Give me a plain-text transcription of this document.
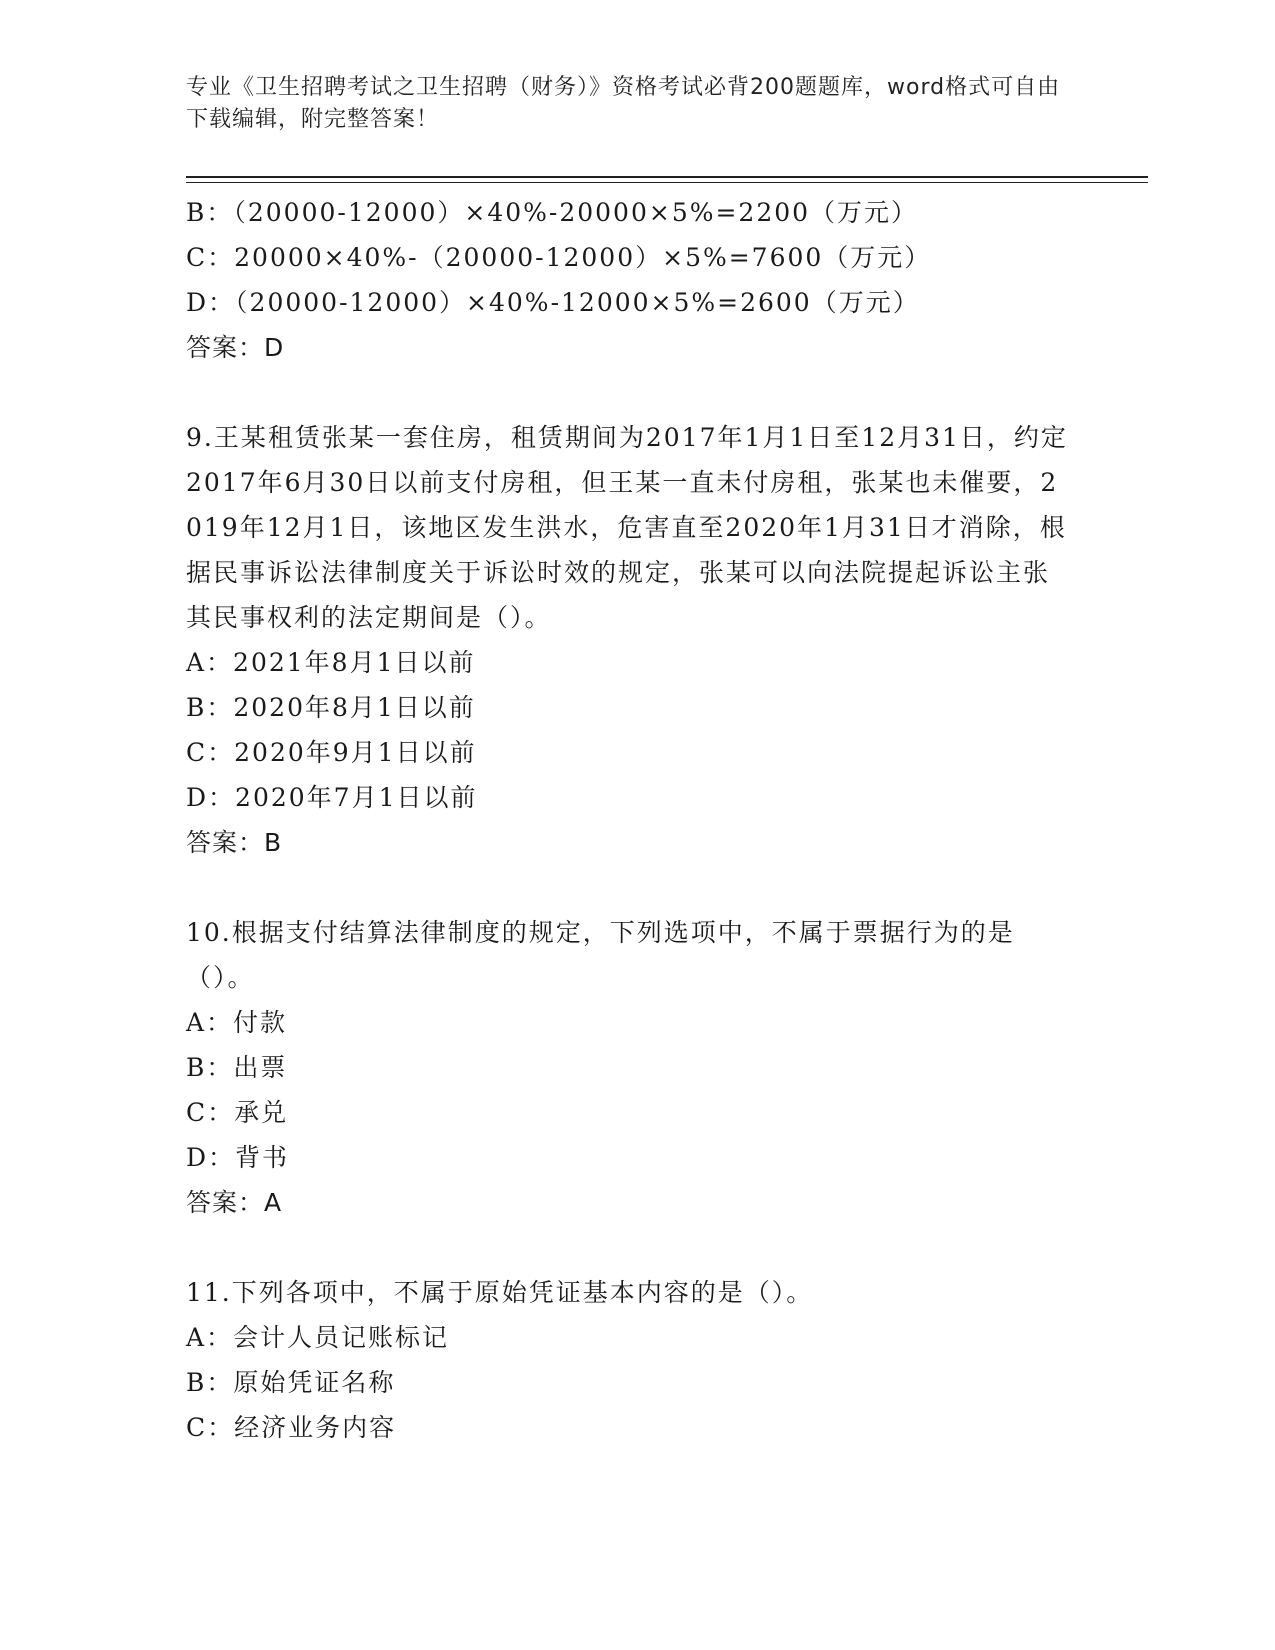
专业《卫生招聘考试之卫生招聘（财务）》资格考试必背200题题库，word格式可自由下载编辑，附完整答案！
B：（20000-12000）×40%-20000×5%=2200（万元）
C：20000×40%-（20000-12000）×5%=7600（万元）
D：（20000-12000）×40%-12000×5%=2600（万元）
答案：D
9.王某租赁张某一套住房，租赁期间为2017年1月1日至12月31日，约定2017年6月30日以前支付房租，但王某一直未付房租，张某也未催要，2019年12月1日，该地区发生洪水，危害直至2020年1月31日才消除，根据民事诉讼法律制度关于诉讼时效的规定，张某可以向法院提起诉讼主张其民事权利的法定期间是（）。
A：2021年8月1日以前
B：2020年8月1日以前
C：2020年9月1日以前
D：2020年7月1日以前
答案：B
10.根据支付结算法律制度的规定，下列选项中，不属于票据行为的是（）。
A：付款
B：出票
C：承兑
D：背书
答案：A
11.下列各项中，不属于原始凭证基本内容的是（）。
A：会计人员记账标记
B：原始凭证名称
C：经济业务内容
